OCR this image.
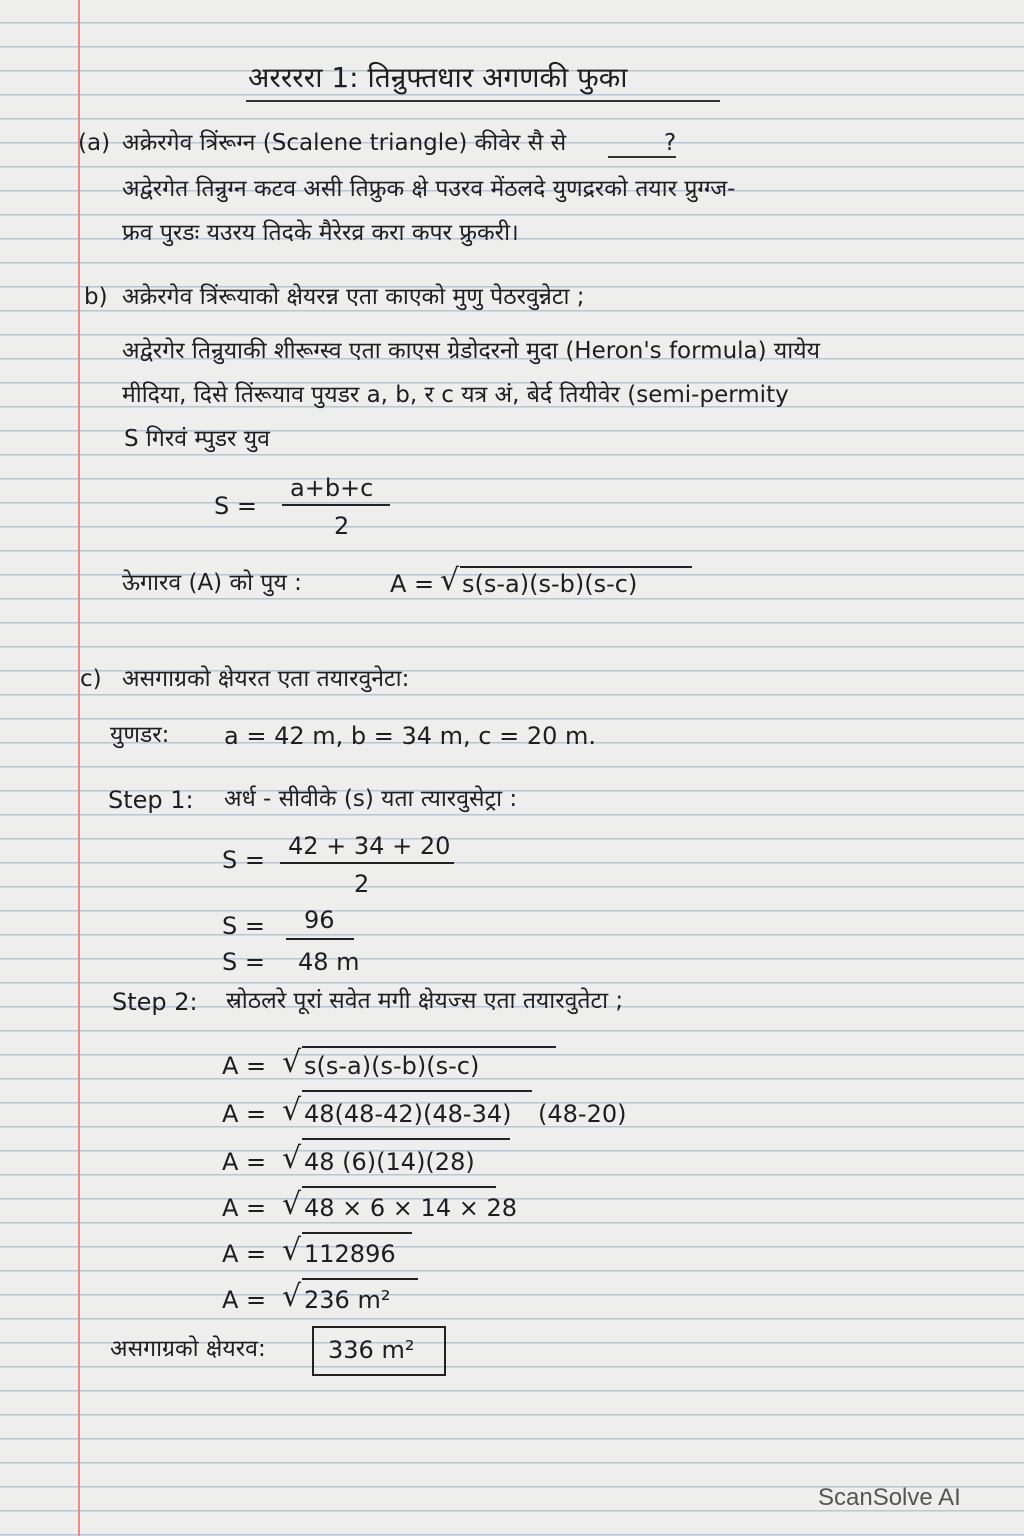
अररररा 1: तिन्रुफ्तधार अगणकी फुका
(a) अक्रेरगेव त्रिंरूग्न (Scalene triangle) कीवेर सै से	?
अद्वेरगेत तिन्रुग्न कटव असी तिफ्रुक क्षे पउरव मेंठलदे युणद्ररको तयार प्रुग्ग्ज-
फ्रव पुरडः यउरय तिदके मैरेरव्र करा कपर फ्रुकरी।
b) अक्रेरगेव त्रिंरूयाको क्षेयरन्न एता काएको मुणु पेठरवुन्नेटा ;
अद्वेरगेर तिन्रुयाकी शीरूग्स्व एता काएस ग्रेडोदरनो मुदा (Heron's formula) यायेय
मीदिया, दिसे तिंरूयाव पुयडर a, b, र c यत्र अं, बेर्द तियीवेर (semi-permity
S गिरवं म्पुडर युव
S =
a+b+c
2
ऊेगारव (A) को पुय :	A = √ s(s-a)(s-b)(s-c)
c) असगाग्रको क्षेयरत एता तयारवुनेटा:
युणडर: a = 42 m, b = 34 m, c = 20 m.
Step 1: अर्ध - सीवीके (s) यता त्यारवुसेट्रा :
S = 42 + 34 + 20
2
S = 96
S = 48 m
Step 2: स्रोठलरे पूरां सवेत मगी क्षेयज्स एता तयारवुतेटा ;
A = √ s(s-a)(s-b)(s-c)
A = √ 48(48-42)(48-34) (48-20)
A = √ 48 (6)(14)(28)
A = √ 48 × 6 × 14 × 28
A = √ 112896
A = √ 236 m²
असगाग्रको क्षेयरव:	336 m²
ScanSolve AI
